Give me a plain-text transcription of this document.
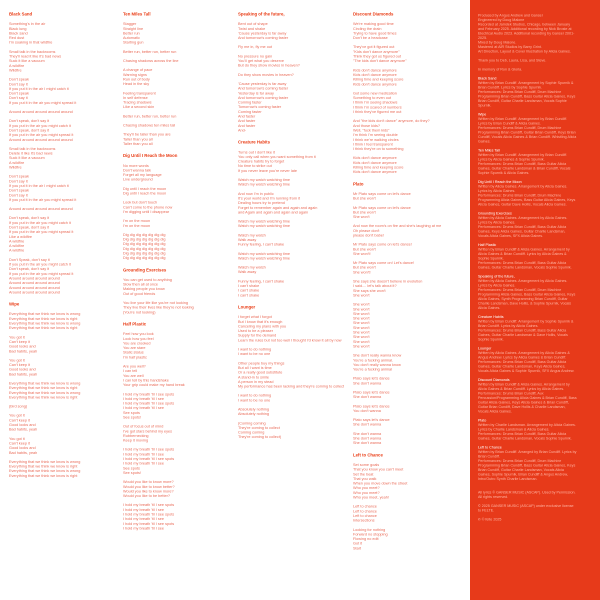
Black Sand
Something's in the air
Black lung
Black sand
Red dust
I'm soaking in that wildfire
Small talk in the backrooms
They'll read it like it's bad news
Suck it like a vacuum
A wildfire
Wildfire
Don't speak
Don't say it
If you put it in the air I might catch it
Don't speak
Don't say it
If you put it in the air you might spread it
Around around around around around
Don't speak, don't say it
If you put in the air you might catch it
Don't speak, don't say it
If you put in the air you might spread it
Around around around around around
Small talk in the backrooms
Delete it like it's bad news
Suck it like a vacuum
A wildfire
Wildfire
Don't speak
Don't say it
If you put it in the air I might catch it
Don't speak
Don't say it
If you put it in the air you might spread it
Around around around around around
Don't speak, don't say it
If you put in the air you might catch it
Don't speak, don't say it
If you put in the air you might spread it
Like a wildfire
A wildfire
A wildfire
A wildfire
Don't Speak, don't say it
If you put in the air you might catch it
Don't speak, don't say it
If you put in the air you might spread it
Around around around around
Around around around around
Around around around around
Around around around around
Wipe
Everything that we think we know is wrong
Everything that we think we know is right
Everything that we think we know is wrong
Everything that we think we know is right
You got it
Can't keep it
Good looks and
Bad habits, yeah
You got it
Can't keep it
Good looks and
Bad habits, yeah
Everything that we think we know is wrong
Everything that we think we know is right
Everything that we think we know is wrong
Everything that we think we know is right
(bird song)
You got it
Can't keep it
Good looks and
Bad habits, yeah
You got it
Can't keep it
Good looks and
Bad habits, yeah
Everything that we think we know is wrong
Everything that we think we know is right
Everything that we think we know is wrong
Everything that we think we know is right
Ten Miles Tall
Stagger
Straight line
Better run
Automatic
Starting gun
Better run, better run, better run
Chasing shadows across the line
A change of pace
Warning signs
Run out of body
Head in the sky
Feeling transparent
In self defense
Tracing shadows
Like a second skin
Better run, better run, better run
Chasing shadows ten miles tall
They'll be taller than you are
Taller than you all
Taller than you all
Dig Until I Reach the Moon
No more words
Don't wanna talk
Forget all my language
Live underground
Dig until I reach the moon
Dig until I reach the moon
Look but don't touch
Can't come to the phone now
I'm digging until I disappear
I'm on the moon
I'm on the moon
Dig dig dig dig dig dig dig
Dig dig dig dig dig dig dig
Dig dig dig dig dig dig dig
Dig dig dig dig dig dig dig
Dig dig dig dig dig dig dig
Dig dig dig dig dig dig dig
Grounding Exercises
You can get used to anything
Slow then all at once
Making people you know
Out of good friends
You live your life like you're not looking
They live their lives like they're not looking
(You're not looking)
Half Plastic
Feel how you look
Look how you feel
You are crooked
You are stare
Static status
I'm half plastic
Are you well?
I can tell
You are well
I can tell by this handshake
Your grip could make my hand break
I hold my breath 'til I see spots
I hold my breath 'til I see
I hold my breath 'til I see spots
I hold my breath 'til I see
See spots
See spots!
Out of focus out of mind
I've got stars behind my eyes
Rubbernecking
Keep it moving
I hold my breath 'til I see spots
I hold my breath 'til I see
I hold my breath 'til I see spots
I hold my breath 'til I see
See spots
See spots!
Would you like to know more?
Would you like to know better?
Would you like to know more?
Would you like to be better?
I hold my breath 'til I see spots
I hold my breath 'til I see
I hold my breath 'til I see spots
I hold my breath 'til I see
I hold my breath 'til I see spots
I hold my breath 'til I see
Speaking of the future,
Bent out of shape
Twist and shake
'Cause yesterday is far away
And tomorrow's coming faster
Fly me in, fly me out
No pressure no gain
You'll get what you deserve
But do they show movies in heaven?
Do they show movies in heaven?
'Cause yesterday is far away
And tomorrow's coming faster
Yesterday is far away
And tomorrow's coming faster
Coming faster
Tomorrow's coming faster
Coming faster
And faster
And faster
And faster
And-
Creature Habits
Turns out I don't like it
You only call when you want something from it
Creature habits try to forget
No time to strike out
If you never leave you're never late
Watch my watch watching time
Watch my watch watching time
And now I'm in public
It's your world and I'm running from it
Dealing hours try to pretend
Forget to remember again and again and again
and Again and again and again and again
Watch my watch watching time
Watch my watch watching time
Watch my watch
Walk away
Funny feeling, I can't shake
Watch my watch watching time
Watch my watch watching time
Watch my watch
Walk away
Funny feeling, I can't shake
I can't shake
I can't shake
I can't shake
Lounger
I forget what I forgot
But I know that it's enough
Canceling my plans with you
Used to be a pleaser
Supply for the demand
Learn the rules but not too well I thought I'd know it all by now
I want to do nothing
I want to be no one
Other people buy my things
But all I want is time
Or a really good substitute
A stand-in to smile
A person in my stead
My performance has been lacking and they're coming to collect
I want to do nothing
I want to be no one
Absolutely nothing
Absolutely nothing
(Coming coming
They're coming to collect
Coming coming
They're coming to collect)
Discount Diamonds
We're making good time
Circling the drain
Trying to have good times
Don't be a headcase
They've got it figured out
"Kids don't dance anymore"
Think they got us figured out
"The kids don't dance anymore"
Kids don't dance anymore
Kids don't dance anymore
Killing time and keeping score
Kids don't dance anymore
Got some new medication
Something to even out
I think I'm seeing shadows
I think I'm scared of numbers
I think they've figured me out
And "the kids don't dance" anymore, do they?
And those kids?
Well, "fuck them kids"
I'm think I'm seeing double
I think we're walking circles
I think I feel transparent
I think they're on to something
Kids don't dance anymore
Kids don't dance anymore
Killing time and keeping score
Kids don't dance anymore
Plato
Mr Plato says come on let's dance
But she won't
Mr Plato says come on let's dance
But she won't
She won't
And now the room's on fire and she's laughing at me
Oh please don't
please don't babe!
Mr Plato says come on let's dance!
But she won't
She won't!
Mr Plato says come on! Let's dance!
But she won't
She won't!
She says she doesn't believe in evolution
I said.... let's talk about it?
She says she won't
She won't
She won't
She won't
She won't
She won't
She won't
She won't
She won't
She won't
She won't
She won't
She don't really wanna know
You're a fucking animal.
You don't really wanna know
You're a fucking animal
Plato says let's dance
She don't wanna
Plato says let's dance
She don't wanna
Plato says let's dance
You don't wanna
Plato says let's dance
She don't wanna
She don't wanna
She don't wanna
She don't wanna
Left to Chance
Set some goals
That you know you can't meet
Set the beat
That you walk
When you move down the street
Who you meet?
Who you meet?
Who you meet, yeah!
Left to chance
Left to chance
Left to chance
Intersections
Looking for nothing
Forward no stopping
Flowing no edit
Got it
Start
Produced by Angus Andrew and Ganser
Engineered by Doug Malone
Recorded at Jamdek Studios, Chicago, between January and February 2025. Additional recording by Nick Broste at Electrical Audio 2023. Additional recording by Ganser 2001-2025.
Mixed by Doug Malone.
Mastered at AIR Studios by Barry Grint.
Art Direction, Layout & Cover Illustration by Alicia Gaines.
Thank you to Deb, Laura, Lisa, and Steve.
In memory of Ron & Gloria.
Black Sand
Written by Brian Cundiff. Arrangement by Sophie Spurnik & Brian Cundiff. Lyrics by Sophie Spurnik.
Performances: Drums Brian Cundiff, Drum Machine Programming Brian Cundiff, Bass Guitar Alicia Gaines, Keys Brian Cundiff, Guitar Charlie Landsman, Vocals Sophie Spurnik.
Wipe
Written by Brian Cundiff. Arrangement by Brian Cundiff. Lyrics by Brian Cundiff & Alicia Gaines.
Performances: Drums Brian Cundiff, Drum Machine Programming Brian Cundiff, Guitar Brian Cundiff, Keys Brian Cundiff, Vocals Alicia Gaines & Brian Cundiff. Whistling Alicia Gaines.
Ten Miles Tall
Written by Brian Cundiff. Arrangement by Brian Cundiff. Lyrics by Alicia Gaines & Sophie Spurnik.
Performances: Drums Brian Cundiff, Bass Guitar Alicia Gaines, Guitar Charlie Landsman & Brian Cundiff, Vocals Sophie Spurnik & Alicia Gaines.
Dig Until I Reach the Moon
Written by Alicia Gaines. Arrangement by Alicia Gaines. Lyrics by Alicia Gaines.
Performances: Drums Brian Cundiff, Drum Machine Programming Alicia Gaines, Bass Guitar Alicia Gaines, Keys Alicia Gaines, Guitar Dave Hollis, Vocals Alicia Gaines.
Grounding Exercises
Written by Alicia Gaines. Arrangement by Alicia Gaines. Lyrics by Alicia Gaines.
Performances: Drums Brian Cundiff, Bass Guitar Alicia Gaines, Keys Alicia Gaines, Guitar Charlie Landsman, Vocals Alicia Gaines, SFX Alicia Gaines.
Half Plastic
Written by Brian Cundiff & Alicia Gaines. Arrangement by Alicia Gaines & Brian Cundiff. Lyrics by Alicia Gaines & Sophie Spurnik.
Performances: Drums Brian Cundiff, Bass Guitar Alicia Gaines, Guitar Charlie Landsman, Vocals Sophie Spurnik.
Speaking of the future,
Written by Alicia Gaines. Arrangement by Alicia Gaines. Lyrics by Alicia Gaines.
Performances: Drums Brian Cundiff, Drum Machine Programming Alicia Gaines, Bass Guitar Alicia Gaines, Keys Alicia Gaines, Synth Programming Brian Cundiff, Guitar Charlie Landsman, Dave Hollis, & Sophie Spurnik, Vocals Alicia Gaines.
Creature Habits
Written by Brian Cundiff. Arrangement by Sophie Spurnik & Brian Cundiff. Lyrics by Alicia Gaines.
Performances: Drums Brian Cundiff, Bass Guitar Alicia Gaines, Guitar Charlie Landsman & Dave Hollis, Vocals Sophie Spurnik.
Lounger
Written by Alicia Gaines. Arrangement by Alicia Gaines & Angus Andrew. Lyrics by Alicia Gaines & Brian Cundiff.
Performances: Drums Brian Cundiff, Bass Guitar Alicia Gaines, Guitar Charlie Landsman, Keys Alicia Gaines, Vocals Alicia Gaines & Sophie Spurnik, SFX Angus Andrew.
Discount Diamonds
Written by Brian Cundiff & Alicia Gaines. Arrangement by Alicia Gaines & Brian Cundiff. Lyrics by Alicia Gaines.
Performances: Drums Brian Cundiff, Aux Percussion/Programming Alicia Gaines & Brian Cundiff, Bass Guitar Alicia Gaines, Keys Alicia Gaines & Brian Cundiff, Guitar Brian Cundiff, Dave Hollis & Charlie Landsman, Vocals Alicia Gaines.
Plato
Written by Charlie Landsman. Arrangement by Alicia Gaines. Lyrics by Charlie Landsman & Alicia Gaines.
Performances: Drums Brian Cundiff, Bass Guitar Alicia Gaines, Guitar Charlie Landsman, Vocals Sophie Spurnik.
Left to Chance
Written by Brian Cundiff. Arranged by Brian Cundiff. Lyrics by Brian Cundiff.
Performances: Drums Brian Cundiff, Drum Machine Programming Brian Cundiff, Bass Guitar Alicia Gaines, Keys Brian Cundiff, Guitar Charlie Landsman, Vocals Alicia Gaines, Sophie Spurnik, Brian Cundiff & Angus Andrew, Intro/Outro Synth Charlie Landsman.
All lyrics © GANSER MUSIC (ASCAP). Used by Permission. All rights reserved.
© 2025 GANSER MUSIC (ASCAP) under exclusive license to FELTE.
℗ © felte 2025
